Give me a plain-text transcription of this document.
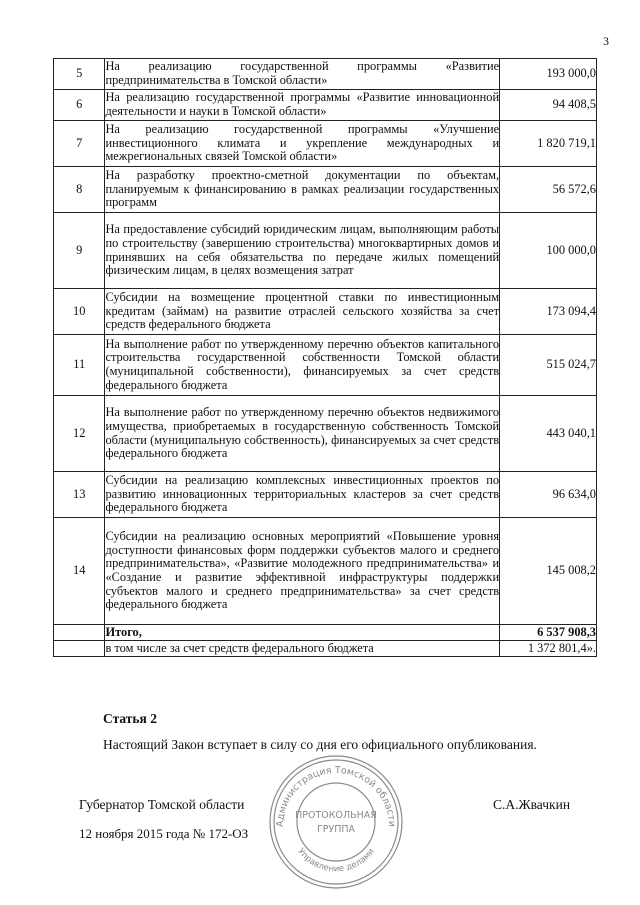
3
5	На реализацию государственной программы «Развитие предпринимательства в Томской области»	193 000,0
6	На реализацию государственной программы «Развитие инновационной деятельности и науки в Томской области»	94 408,5
7	На реализацию государственной программы «Улучшение инвестиционного климата и укрепление международных и межрегиональных связей Томской области»	1 820 719,1
8	На разработку проектно-сметной документации по объектам, планируемым к финансированию в рамках реализации государственных программ	56 572,6
9	На предоставление субсидий юридическим лицам, выполняющим работы по строительству (завершению строительства) многоквартирных домов и принявших на себя обязательства по передаче жилых помещений физическим лицам, в целях возмещения затрат	100 000,0
10	Субсидии на возмещение процентной ставки по инвестиционным кредитам (займам) на развитие отраслей сельского хозяйства за счет средств федерального бюджета	173 094,4
11	На выполнение работ по утвержденному перечню объектов капитального строительства государственной собственности Томской области (муниципальной собственности), финансируемых за счет средств федерального бюджета	515 024,7
12	На выполнение работ по утвержденному перечню объектов недвижимого имущества, приобретаемых в государственную собственность Томской области (муниципальную собственность), финансируемых за счет средств федерального бюджета	443 040,1
13	Субсидии на реализацию комплексных инвестиционных проектов по развитию инновационных территориальных кластеров за счет средств федерального бюджета	96 634,0
14	Субсидии на реализацию основных мероприятий «Повышение уровня доступности финансовых форм поддержки субъектов малого и среднего предпринимательства», «Развитие молодежного предпринимательства» и «Создание и развитие эффективной инфраструктуры поддержки субъектов малого и среднего предпринимательства» за счет средств федерального бюджета	145 008,2
	Итого,	6 537 908,3
	в том числе за счет средств федерального бюджета	1 372 801,4».
Статья 2
Настоящий Закон вступает в силу со дня его официального опубликования.
Губернатор Томской области
12 ноября 2015 года № 172-ОЗ
С.А.Жвачкин
Администрация Томской области
Управление делами
ПРОТОКОЛЬНАЯ
ГРУППА
